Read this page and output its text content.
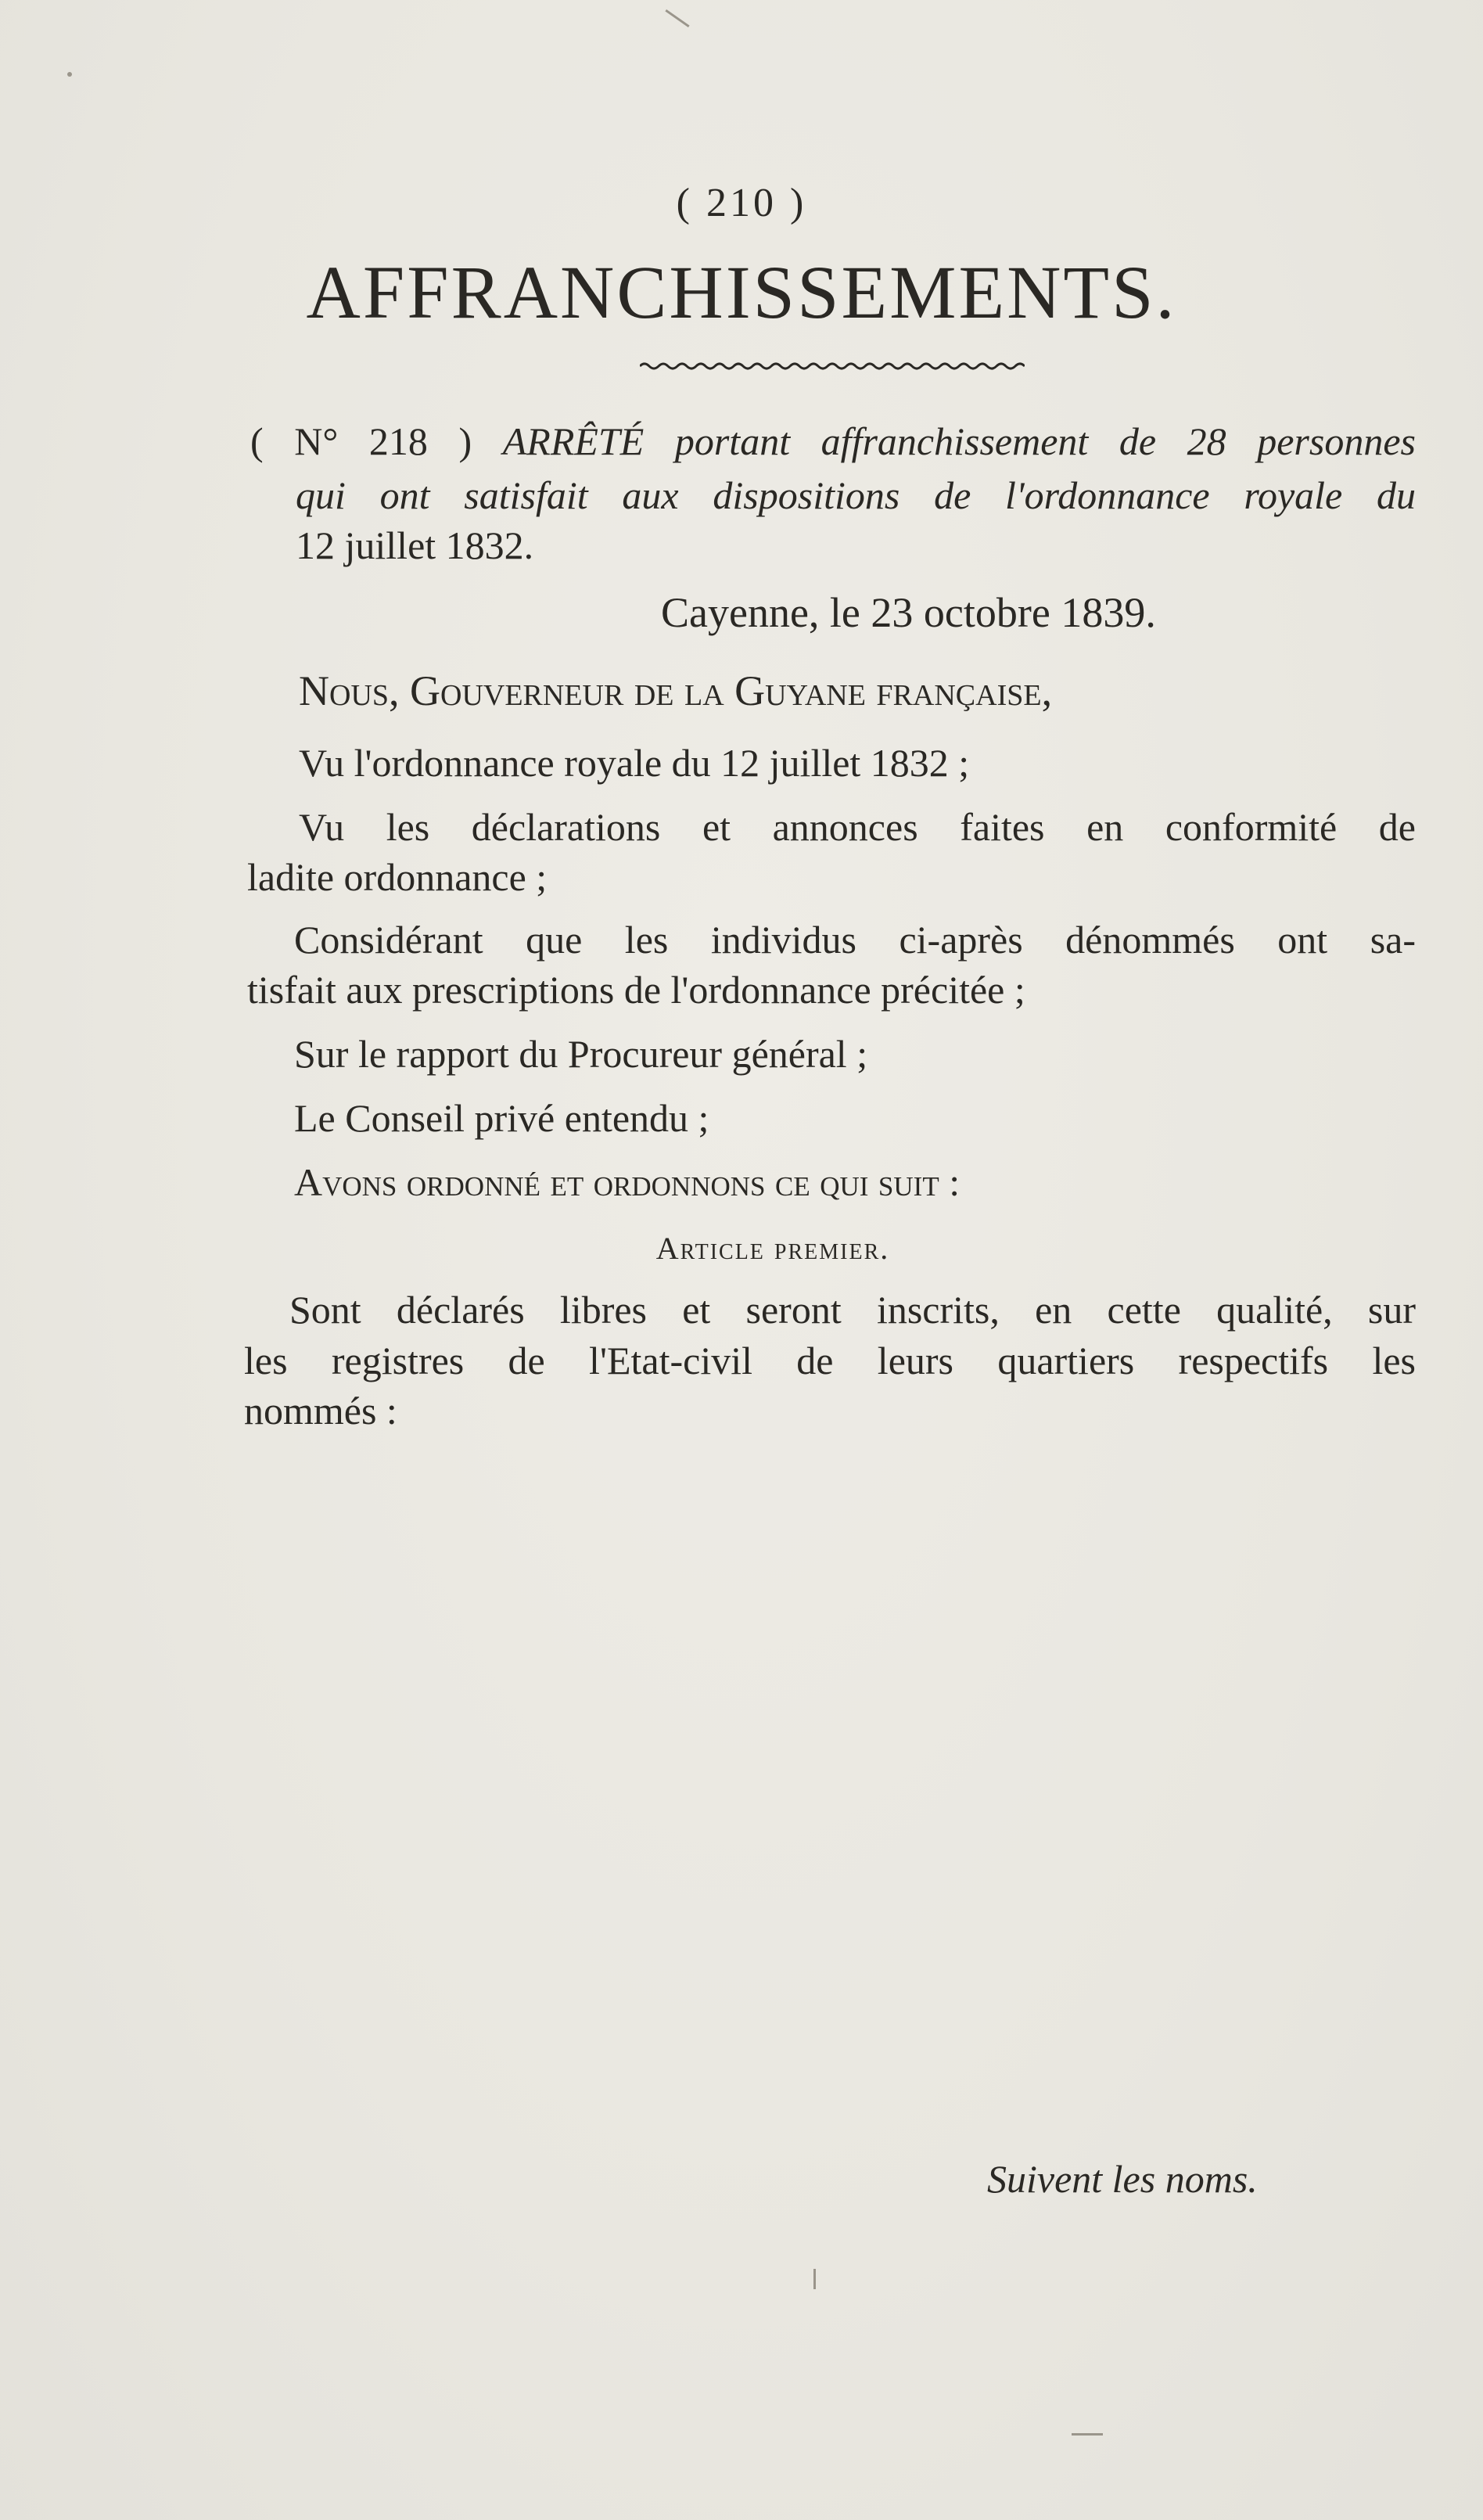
( 210 )
AFFRANCHISSEMENTS.
( N° 218 ) ARRÊTÉ portant affranchissement de 28 personnes
qui ont satisfait aux dispositions de l'ordonnance royale du
12 juillet 1832.
Cayenne, le 23 octobre 1839.
Nous, Gouverneur de la Guyane française,
Vu l'ordonnance royale du 12 juillet 1832 ;
Vu les déclarations et annonces faites en conformité de
ladite ordonnance ;
Considérant que les individus ci-après dénommés ont sa-
tisfait aux prescriptions de l'ordonnance précitée ;
Sur le rapport du Procureur général ;
Le Conseil privé entendu ;
Avons ordonné et ordonnons ce qui suit :
Article premier.
Sont déclarés libres et seront inscrits, en cette qualité, sur
les registres de l'Etat-civil de leurs quartiers respectifs les
nommés :
Suivent les noms.
